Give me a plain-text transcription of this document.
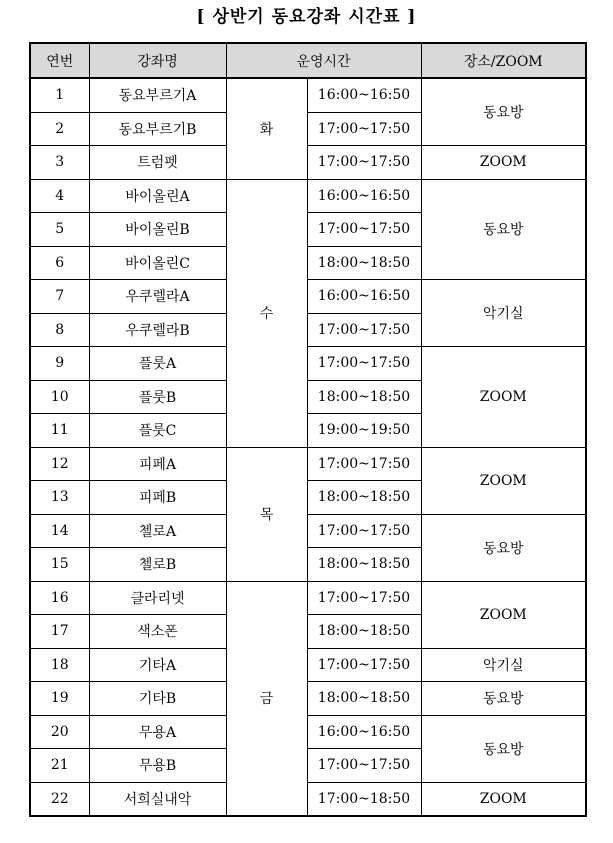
[ 상반기 동요강좌 시간표 ]
연번	강좌명	운영시간		장소/ZOOM
1	동요부르기A	화	16:00~16:50	동요방
2	동요부르기B		17:00~17:50	
3	트럼펫		17:00~17:50	ZOOM
4	바이올린A	수	16:00~16:50	동요방
5	바이올린B		17:00~17:50	
6	바이올린C		18:00~18:50	
7	우쿠렐라A		16:00~16:50	악기실
8	우쿠렐라B		17:00~17:50	
9	플룻A		17:00~17:50	ZOOM
10	플룻B		18:00~18:50	
11	플룻C		19:00~19:50	
12	피페A	목	17:00~17:50	ZOOM
13	피페B		18:00~18:50	
14	첼로A		17:00~17:50	동요방
15	첼로B		18:00~18:50	
16	클라리넷	금	17:00~17:50	ZOOM
17	색소폰		18:00~18:50	
18	기타A		17:00~17:50	악기실
19	기타B		18:00~18:50	동요방
20	무용A		16:00~16:50	동요방
21	무용B		17:00~17:50	
22	서희실내악		17:00~18:50	ZOOM
